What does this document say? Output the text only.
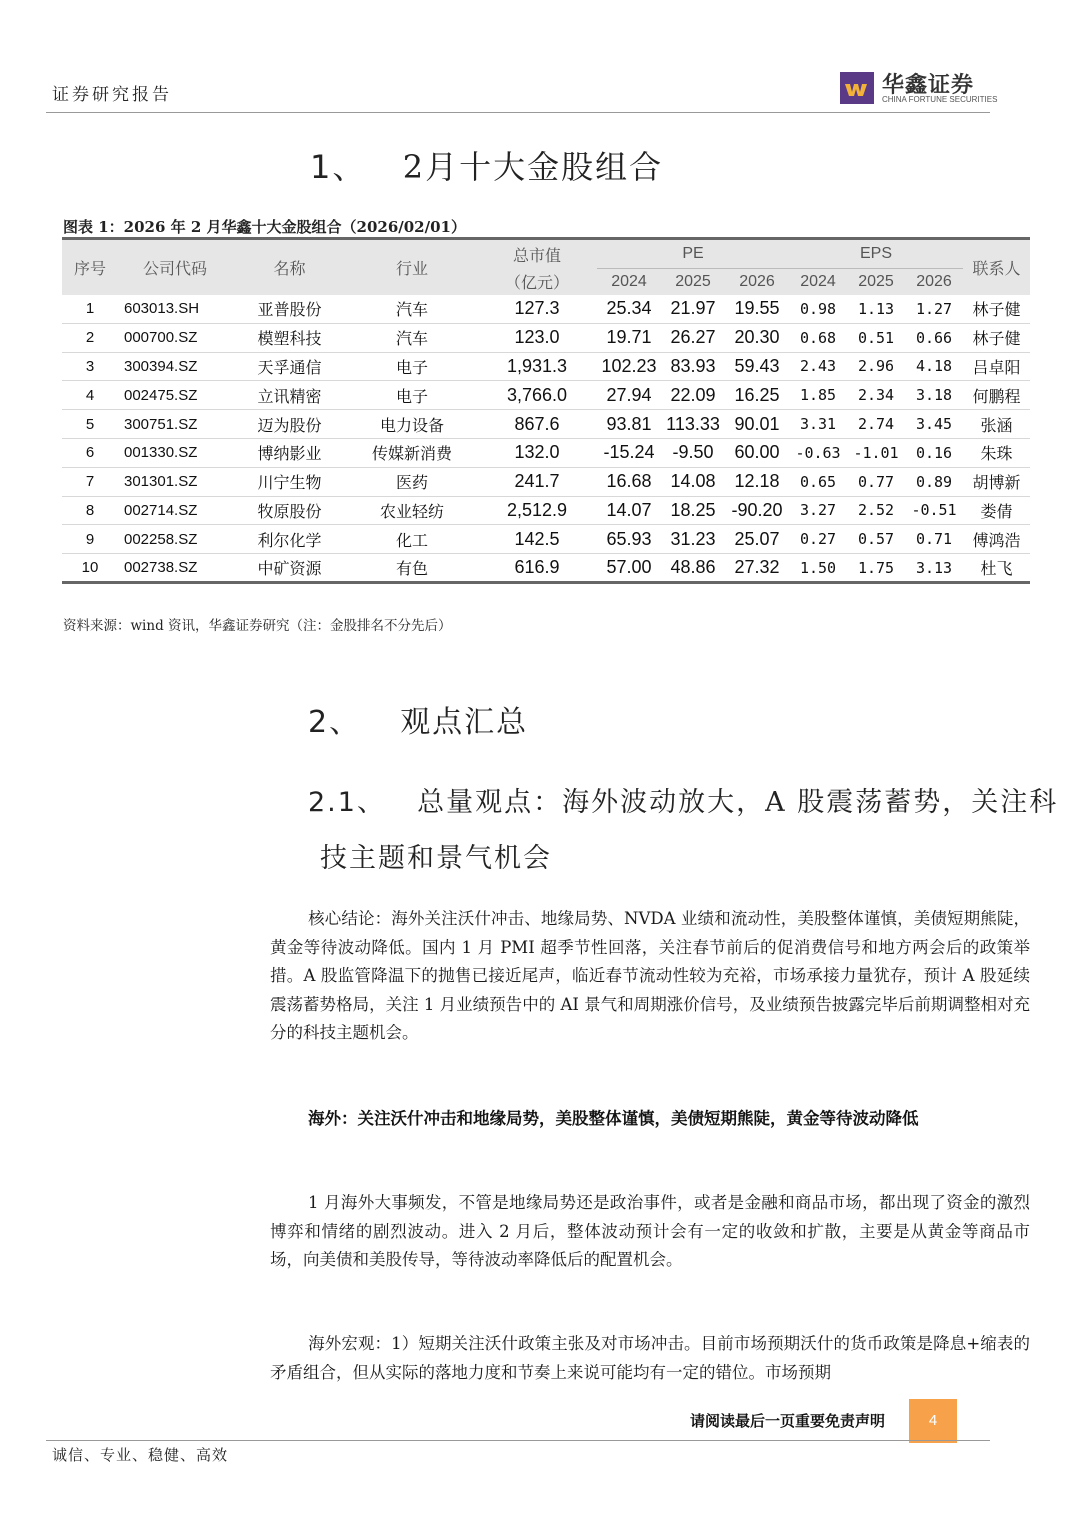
证券研究报告	华鑫证券
CHINA FORTUNE SECURITIES
1、 2月十大金股组合
图表 1：2026 年 2 月华鑫十大金股组合（2026/02/01）
序号	公司代码	名称	行业	总市值	PE			EPS			联系人
				（亿元）	2024	2025	2026	2024	2025	2026	
1	603013.SH	亚普股份	汽车	127.3	25.34	21.97	19.55	0.98	1.13	1.27	林子健
2	000700.SZ	模塑科技	汽车	123.0	19.71	26.27	20.30	0.68	0.51	0.66	林子健
3	300394.SZ	天孚通信	电子	1,931.3	102.23	83.93	59.43	2.43	2.96	4.18	吕卓阳
4	002475.SZ	立讯精密	电子	3,766.0	27.94	22.09	16.25	1.85	2.34	3.18	何鹏程
5	300751.SZ	迈为股份	电力设备	867.6	93.81	113.33	90.01	3.31	2.74	3.45	张涵
6	001330.SZ	博纳影业	传媒新消费	132.0	-15.24	-9.50	60.00	-0.63	-1.01	0.16	朱珠
7	301301.SZ	川宁生物	医药	241.7	16.68	14.08	12.18	0.65	0.77	0.89	胡博新
8	002714.SZ	牧原股份	农业轻纺	2,512.9	14.07	18.25	-90.20	3.27	2.52	-0.51	娄倩
9	002258.SZ	利尔化学	化工	142.5	65.93	31.23	25.07	0.27	0.57	0.71	傅鸿浩
10	002738.SZ	中矿资源	有色	616.9	57.00	48.86	27.32	1.50	1.75	3.13	杜飞
资料来源：wind 资讯，华鑫证券研究（注：金股排名不分先后）
2、 观点汇总
2.1、 总量观点：海外波动放大，A 股震荡蓄势，关注科
技主题和景气机会
核心结论：海外关注沃什冲击、地缘局势、NVDA 业绩和流动性，美股整体谨慎，美债短期熊陡，黄金等待波动降低。国内 1 月 PMI 超季节性回落，关注春节前后的促消费信号和地方两会后的政策举措。A 股监管降温下的抛售已接近尾声，临近春节流动性较为充裕，市场承接力量犹存，预计 A 股延续震荡蓄势格局，关注 1 月业绩预告中的 AI 景气和周期涨价信号，及业绩预告披露完毕后前期调整相对充分的科技主题机会。
海外：关注沃什冲击和地缘局势，美股整体谨慎，美债短期熊陡，黄金等待波动降低
1 月海外大事频发，不管是地缘局势还是政治事件，或者是金融和商品市场，都出现了资金的激烈博弈和情绪的剧烈波动。进入 2 月后，整体波动预计会有一定的收敛和扩散，主要是从黄金等商品市场，向美债和美股传导，等待波动率降低后的配置机会。
海外宏观：1）短期关注沃什政策主张及对市场冲击。目前市场预期沃什的货币政策是降息+缩表的矛盾组合，但从实际的落地力度和节奏上来说可能均有一定的错位。市场预期
请阅读最后一页重要免责声明	4
诚信、专业、稳健、高效
